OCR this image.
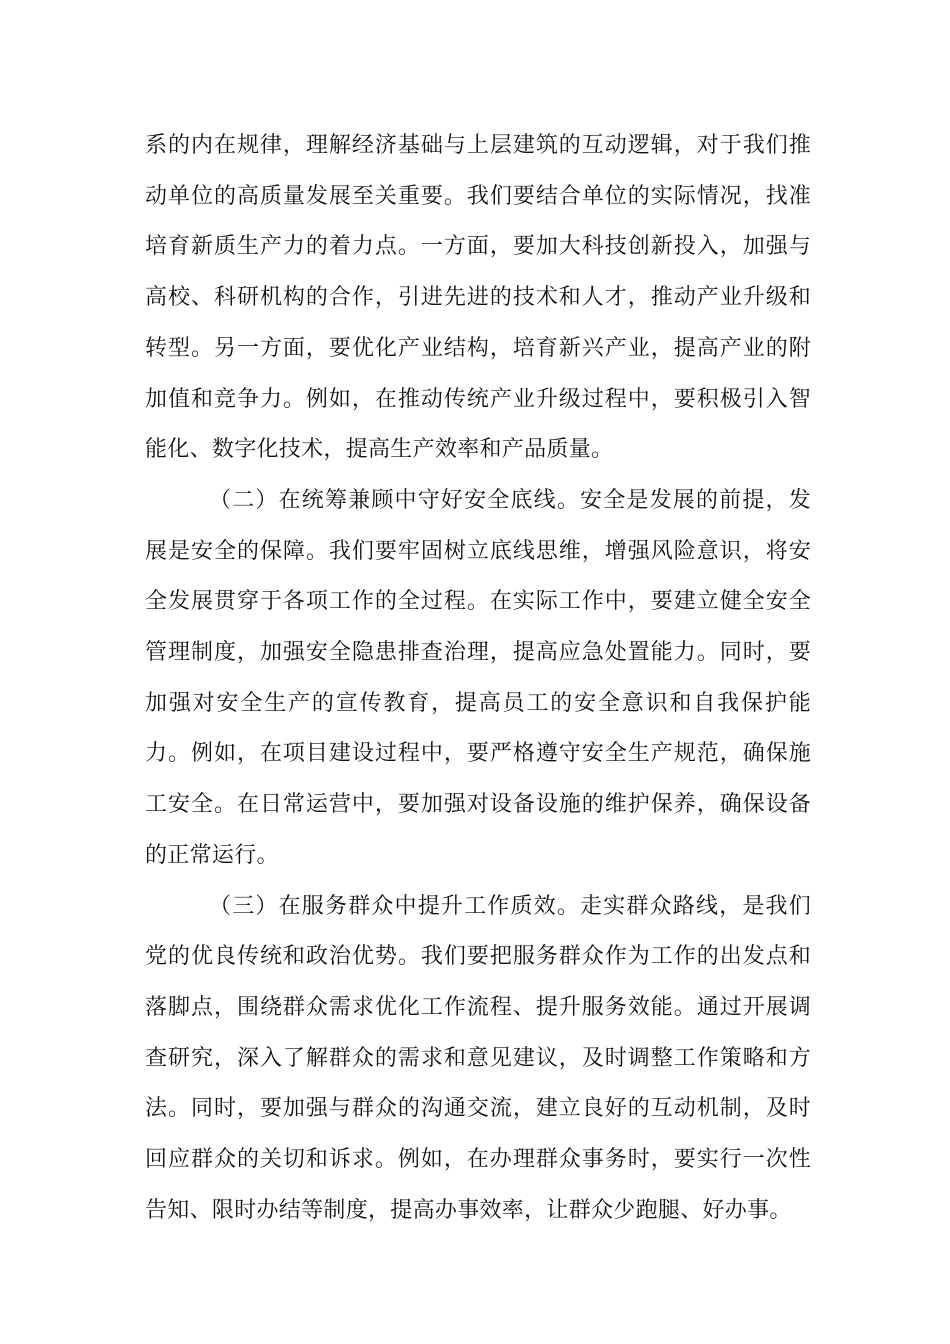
系的内在规律，理解经济基础与上层建筑的互动逻辑，对于我们推动单位的高质量发展至关重要。我们要结合单位的实际情况，找准培育新质生产力的着力点。一方面，要加大科技创新投入，加强与高校、科研机构的合作，引进先进的技术和人才，推动产业升级和转型。另一方面，要优化产业结构，培育新兴产业，提高产业的附加值和竞争力。例如，在推动传统产业升级过程中，要积极引入智能化、数字化技术，提高生产效率和产品质量。

（二）在统筹兼顾中守好安全底线。安全是发展的前提，发展是安全的保障。我们要牢固树立底线思维，增强风险意识，将安全发展贯穿于各项工作的全过程。在实际工作中，要建立健全安全管理制度，加强安全隐患排查治理，提高应急处置能力。同时，要加强对安全生产的宣传教育，提高员工的安全意识和自我保护能力。例如，在项目建设过程中，要严格遵守安全生产规范，确保施工安全。在日常运营中，要加强对设备设施的维护保养，确保设备的正常运行。

（三）在服务群众中提升工作质效。走实群众路线，是我们党的优良传统和政治优势。我们要把服务群众作为工作的出发点和落脚点，围绕群众需求优化工作流程、提升服务效能。通过开展调查研究，深入了解群众的需求和意见建议，及时调整工作策略和方法。同时，要加强与群众的沟通交流，建立良好的互动机制，及时回应群众的关切和诉求。例如，在办理群众事务时，要实行一次性告知、限时办结等制度，提高办事效率，让群众少跑腿、好办事。
